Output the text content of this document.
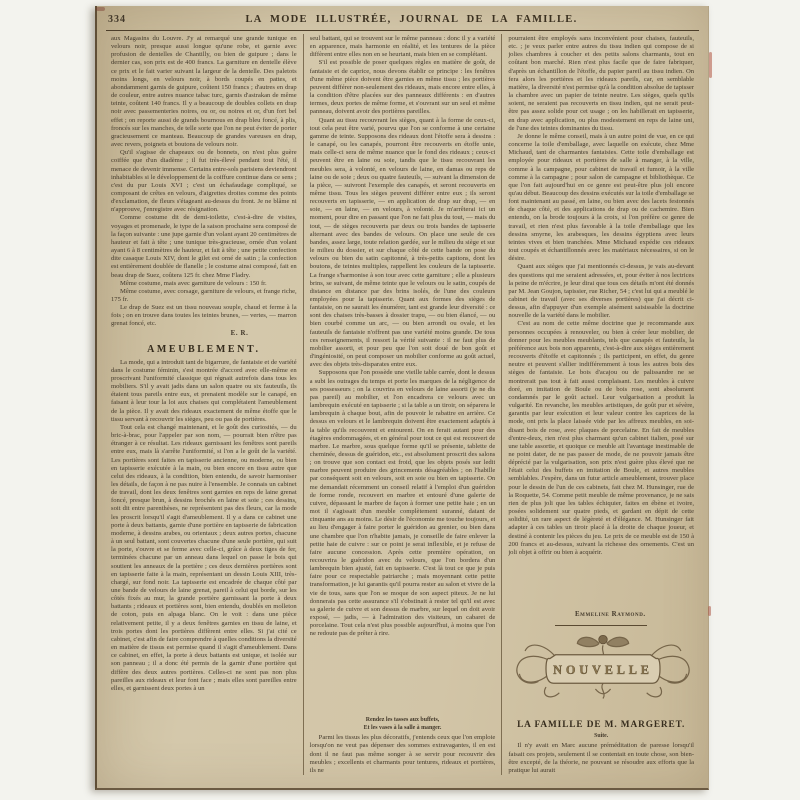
334	LA MODE ILLUSTRÉE, JOURNAL DE LA FAMILLE.

aux Magasins du Louvre. J'y ai remarqué une grande tunique en velours noir, presque aussi longue qu'une robe, et garnie avec profusion de dentelles de Chantilly, ou bien de guipure ; dans le dernier cas, son prix est de 400 francs. La garniture en dentelle élève ce prix et le fait varier suivant la largeur de la dentelle. Des paletots moins longs, en velours noir, à bords coupés en pattes, et abondamment garnis de guipure, coûtent 150 francs ; d'autres en drap de couleur, entre autres nuance tabac turc, garnis d'astrakan de même teinte, coûtent 140 francs. Il y a beaucoup de doubles collets en drap noir avec passementeries noires, ou or, ou noires et or, d'un fort bel effet ; on reporte aussi de grands bournous en drap bleu foncé, à plis, froncés sur les manches, de telle sorte que l'on ne peut éviter de porter gracieusement ce manteau. Beaucoup de grandes vareuses en drap, avec revers, poignets et boutons de velours noir.

Qu'il s'agisse de chapeaux ou de bonnets, on n'est plus guère coiffée que d'un diadème ; il fut très-élevé pendant tout l'été, il menace de devenir immense. Certains entre-sols parisiens deviendront inhabitables si le développement de la coiffure continue dans ce sens ; c'est du pur Louis XVI ; c'est un échafaudage compliqué, se composant de crêtes en velours, d'aigrettes droites comme des points d'exclamation, de fleurs s'étageant au-dessus du front. Je ne blâme ni n'approuve, j'enregistre avec résignation.

Comme costume dit de demi-toilette, c'est-à-dire de visites, voyages et promenade, le type de la saison prochaine sera composé de la façon suivante : une jupe garnie d'un volant ayant 20 centimètres de hauteur et fait à tête ; une tunique très-gracieuse, ornée d'un volant ayant 6 à 8 centimètres de hauteur, et fait à tête ; une petite confection dite casaque Louis XIV, dont le gilet est orné de satin ; la confection est entièrement doublée de flanelle ; le costume ainsi composé, fait en beau drap de Suez, coûtera 125 fr. chez Mme Fladry.

Même costume, mais avec garniture de velours : 150 fr.

Même costume, avec corsage, garniture de velours, et frange riche, 175 fr.

Le drap de Suez est un tissu nouveau souple, chaud et ferme à la fois ; on en trouve dans toutes les teintes brunes, — vertes, — marron grenat foncé, etc.

E. R.
AMEUBLEMENT.

La mode, qui a introduit tant de bigarrure, de fantaisie et de variété dans le costume féminin, s'est montrée d'accord avec elle-même en proscrivant l'uniformité classique qui régnait autrefois dans tous les mobiliers. S'il y avait jadis dans un salon quatre ou six fauteuils, ils étaient tous pareils entre eux, et prenaient modèle sur le canapé, en faisant à leur tour la loi aux chaises qui complétaient l'ameublement de la pièce. Il y avait des rideaux exactement de même étoffe que le tissu servant à recouvrir les sièges, peu ou pas de portières.

Tout cela est changé maintenant, et le goût des curiosités, — du bric-à-brac, pour l'appeler par son nom, — pourrait bien n'être pas étranger à ce résultat. Les rideaux garnissant les fenêtres sont pareils entre eux, mais là s'arrête l'uniformité, si l'on a le goût de la variété. Les portières sont faites en tapisserie ancienne, ou moderne, ou bien en tapisserie exécutée à la main, ou bien encore en tissu autre que celui des rideaux, à la condition, bien entendu, de savoir harmoniser les détails, de façon à ne pas nuire à l'ensemble. Je connais un cabinet de travail, dont les deux fenêtres sont garnies en reps de laine grenat foncé, presque brun, à dessins brochés en laine et soie ; ces dessins, soit dit entre parenthèses, ne représentent pas des fleurs, car la mode les proscrit lorsqu'il s'agit d'ameublement. Il y a dans ce cabinet une porte à deux battants, garnie d'une portière en tapisserie de fabrication moderne, à dessins arabes, ou orientaux ; deux autres portes, chacune à un seul battant, sont couvertes chacune d'une seule portière, qui suit la porte, s'ouvre et se ferme avec celle-ci, grâce à deux tiges de fer, terminées chacune par un anneau dans lequel on passe le bois qui soutient les anneaux de la portière ; ces deux dernières portières sont en tapisserie faite à la main, représentant un dessin Louis XIII, très-chargé, sur fond noir. La tapisserie est encadrée de chaque côté par une bande de velours de laine grenat, pareil à celui qui borde, sur les côtés fixés au mur, la grande portière garnissant la porte à deux battants ; rideaux et portières sont, bien entendu, doublés en molleton de coton, puis en alpaga blanc. On le voit : dans une pièce relativement petite, il y a deux fenêtres garnies en tissu de laine, et trois portes dont les portières diffèrent entre elles. Si j'ai cité ce cabinet, c'est afin de faire comprendre à quelles conditions la diversité en matière de tissus est permise quand il s'agit d'ameublement. Dans ce cabinet, en effet, la porte à deux battants est unique, et isolée sur son panneau ; il a donc été permis de la garnir d'une portière qui diffère des deux autres portières. Celles-ci ne sont pas non plus pareilles aux rideaux et leur font face ; mais elles sont pareilles entre elles, et garnissent deux portes à un

seul battant, qui se trouvent sur le même panneau : donc il y a variété en apparence, mais harmonie en réalité, et les tentures de la pièce diffèrent entre elles non en se heurtant, mais bien en se complétant.

S'il est possible de poser quelques règles en matière de goût, de fantaisie et de caprice, nous devons établir ce principe : les fenêtres d'une même pièce doivent être garnies en même tissu ; les portières peuvent différer non-seulement des rideaux, mais encore entre elles, à la condition d'être placées sur des panneaux différents : en d'autres termes, deux portes de même forme, et s'ouvrant sur un seul et même panneau, doivent avoir des portières pareilles.

Quant au tissu recouvrant les sièges, quant à la forme de ceux-ci, tout cela peut être varié, pourvu que l'on se conforme à une certaine gamme de teinte. Supposons des rideaux dont l'étoffe sera à dessins : le canapé, ou les canapés, pourront être recouverts en étoffe unie, mais celle-ci sera de même nuance que le fond des rideaux ; ceux-ci peuvent être en laine ou soie, tandis que le tissu recouvrant les meubles sera, à volonté, en velours de laine, en damas ou reps de laine ou de soie ; deux ou quatre fauteuils, — suivant la dimension de la pièce, — suivront l'exemple des canapés, et seront recouverts en même tissu. Tous les sièges peuvent différer entre eux ; ils seront recouverts en tapisserie, — en application de drap sur drap, — en soie, — en laine, — en velours, à volonté. Je m'arrêterai ici un moment, pour dire en passant que l'on ne fait plus du tout, — mais du tout, — de sièges recouverts par deux ou trois bandes de tapisserie alternant avec des bandes de velours. On place une seule de ces bandes, assez large, toute relation gardée, sur le milieu du siège et sur le milieu du dossier, et sur chaque côté de cette bande on pose du velours ou bien du satin capitonné, à très-petits capitons, dont les boutons, de teintes multiples, rappellent les couleurs de la tapisserie. La frange s'harmonise à son tour avec cette garniture ; elle a plusieurs brins, se suivant, de même teinte que le velours ou le satin, coupés de distance en distance par des brins isolés, de l'une des couleurs employées pour la tapisserie. Quant aux formes des sièges de fantaisie, on ne saurait les énumérer, tant est grande leur diversité : ce sont des chaises très-basses à dossier trapu, — ou bien élancé, — ou bien courbé comme un arc, — ou bien arrondi ou ovale, et les fauteuils de fantaisie n'offrent pas une variété moins grande. De tous ces renseignements, il ressort la vérité suivante : il ne faut plus de mobilier assorti, et pour peu que l'on soit doué de bon goût et d'ingéniosité, on peut composer un mobilier conforme au goût actuel, avec des objets très-disparates entre eux.

Supposons que l'on possède une vieille table carrée, dont le dessus a subi les outrages du temps et porte les marques de la négligence de ses possesseurs ; on la couvrira en velours de laine assorti (je ne dis pas pareil) au mobilier, et l'on encadrera ce velours avec un lambrequin exécuté en tapisserie ; si la table a un tiroir, on séparera le lambrequin à chaque bout, afin de pouvoir le rabattre en arrière. Ce dessus en velours et le lambrequin doivent être exactement adaptés à la table qu'ils recouvrent et entourent. On en ferait autant pour des étagères endommagées, et en général pour tout ce qui est recouvert de marbre. Le marbre, sous quelque forme qu'il se présente, tablette de cheminée, dessus de guéridon, etc., est absolument proscrit des salons ; on trouve que son contact est froid, que les objets posés sur ledit marbre peuvent produire des grincements désagréables ; on l'habille par conséquent soit en velours, soit en soie ou bien en tapisserie. On me demandait récemment un conseil relatif à l'emploi d'un guéridon de forme ronde, recouvert en marbre et entouré d'une galerie de cuivre, dépassant le marbre de façon à former une petite haie ; en un mot il s'agissait d'un meuble complètement suranné, datant de cinquante ans au moins. Le désir de l'économie me touche toujours, et au lieu d'engager à faire porter le guéridon au grenier, ou bien dans une chambre que l'on n'habite jamais, je conseille de faire enlever la petite haie de cuivre : sur ce point je serai inflexible, et je refuse de faire aucune concession. Après cette première opération, on recouvrira le guéridon avec du velours, que l'on bordera d'un lambrequin bien ajusté, fait en tapisserie. C'est là tout ce que je puis faire pour ce respectable patriarche ; mais moyennant cette petite transformation, je lui garantis qu'il pourra rester au salon et vivre de la vie de tous, sans que l'on se moque de son aspect piteux. Je ne lui donnerais pas cette assurance s'il s'obstinait à rester tel qu'il est avec sa galerie de cuivre et son dessus de marbre, sur lequel on doit avoir exposé, — jadis, — à l'admiration des visiteurs, un cabaret de porcelaine. Tout cela n'est plus possible aujourd'hui, à moins que l'on ne redoute pas de prêter à rire.

Rendez les tasses aux buffets,
Et les vases à la salle à manger.

Parmi les tissus les plus décoratifs, j'entends ceux que l'on emploie lorsqu'on ne veut pas dépenser des sommes extravagantes, il en est dont il ne faut pas même songer à se servir pour recouvrir des meubles ; excellents et charmants pour tentures, rideaux et portières, ils ne

pourraient être employés sans inconvénient pour chaises, fauteuils, etc. ; je veux parler entre autres du tissu indien qui compose de si jolies chambres à coucher et des petits salons charmants, tout en coûtant bon marché. Rien n'est plus facile que de faire fabriquer, d'après un échantillon de l'étoffe, du papier pareil au tissu indien. On fera alors les portières et les rideaux pareils, car, en semblable matière, la diversité n'est permise qu'à la condition absolue de tapisser la chambre avec un papier de teinte neutre. Les sièges, quels qu'ils soient, ne seraient pas recouverts en tissu indien, qui ne serait peut-être pas assez solide pour cet usage ; on les habillerait en tapisserie, en drap avec application, ou plus modestement en reps de laine uni, de l'une des teintes dominantes du tissu.

Je donne le même conseil, mais à un autre point de vue, en ce qui concerne la toile d'emballage, avec laquelle on exécute, chez Mme Michaud, tant de charmantes fantaisies. Cette toile d'emballage est employée pour rideaux et portières de salle à manger, à la ville, comme à la campagne, pour cabinet de travail et fumoir, à la ville comme à la campagne ; pour salon de campagne et bibliothèque. Ce que l'on fait aujourd'hui en ce genre est peut-être plus joli encore qu'au début. Beaucoup des dessins exécutés sur la toile d'emballage se font maintenant au passé, en laine, ou bien avec des lacets festonnés de chaque côté, et des applications de drap ou de cachemire. Bien entendu, on la brode toujours à la croix, si l'on préfère ce genre de travail, et rien n'est plus favorable à la toile d'emballage que les dessins smyrne, les arabesques, les dessins égyptiens avec leurs teintes vives et bien tranchées. Mme Michaud expédie ces rideaux tout coupés et échantillonnés avec les matériaux nécessaires, si on le désire.

Quant aux sièges que j'ai mentionnés ci-dessus, je vais au-devant des questions qui me seraient adressées, et, pour éviter à nos lectrices la peine de m'écrire, je leur dirai que tous ces détails m'ont été donnés par M. Jean Goujon, tapissier, rue Richer, 54 ; c'est lui qui a meublé le cabinet de travail (avec ses diverses portières) que j'ai décrit ci-dessus, afin d'appuyer d'un exemple aisément saisissable la doctrine nouvelle de la variété dans le mobilier.

C'est au nom de cette même doctrine que je recommande aux personnes occupées à renouveler, ou bien à créer leur mobilier, de donner pour les meubles meublants, tels que canapés et fauteuils, la préférence aux bois non apparents, c'est-à-dire aux sièges entièrement recouverts d'étoffe et capitonnés ; ils participent, en effet, du genre neutre et peuvent s'allier indifféremment à tous les autres bois des sièges de fantaisie. Le bois d'acajou ou de palissandre ne se montrerait pas tout à fait aussi complaisant. Les meubles à cuivre doré, en imitation de Boule ou de bois rose, sont absolument condamnés par le goût actuel. Leur vulgarisation a produit la vulgarité. En revanche, les meubles artistiques, de goût pur et sévère, garantis par leur exécution et leur valeur contre les caprices de la mode, ont pris la place laissée vide par les affreux meubles, en soi-disant bois de rose, avec plaques de porcelaine. En fait de meubles d'entre-deux, rien n'est plus charmant qu'un cabinet italien, posé sur une table assortie, et quoique ce meuble ait l'avantage inestimable de ne point dater, de ne pas passer de mode, de ne pouvoir jamais être déprécié par la vulgarisation, son prix n'est guère plus élevé que ne l'était celui des buffets en imitation de Boule, et autres meubles semblables. J'espère, dans un futur article ameublement, trouver place pour le dessin de l'un de ces cabinets, fait chez M. Hunsinger, rue de la Roquette, 54. Comme petit meuble de même provenance, je ne sais rien de plus joli que les tables échiquier, faites en ébène et ivoire, posées solidement sur quatre pieds, et gardant en dépit de cette solidité, un rare aspect de légèreté et d'élégance. M. Hunsinger fait adapter à ces tables un tiroir placé à la droite de chaque joueur, et destiné à contenir les pièces du jeu. Le prix de ce meuble est de 150 à 200 francs et au-dessus, suivant la richesse des ornements. C'est un joli objet à offrir ou bien à acquérir.

Emmeline Raymond.
NOUVELLE
LA FAMILLE DE M. MARGERET.
Suite.

Il n'y avait en Marc aucune préméditation de paresse lorsqu'il faisait ces projets, seulement il se contentait en toute chose, son bien-être excepté, de la théorie, ne pouvant se résoudre aux efforts que la pratique lui aurait
